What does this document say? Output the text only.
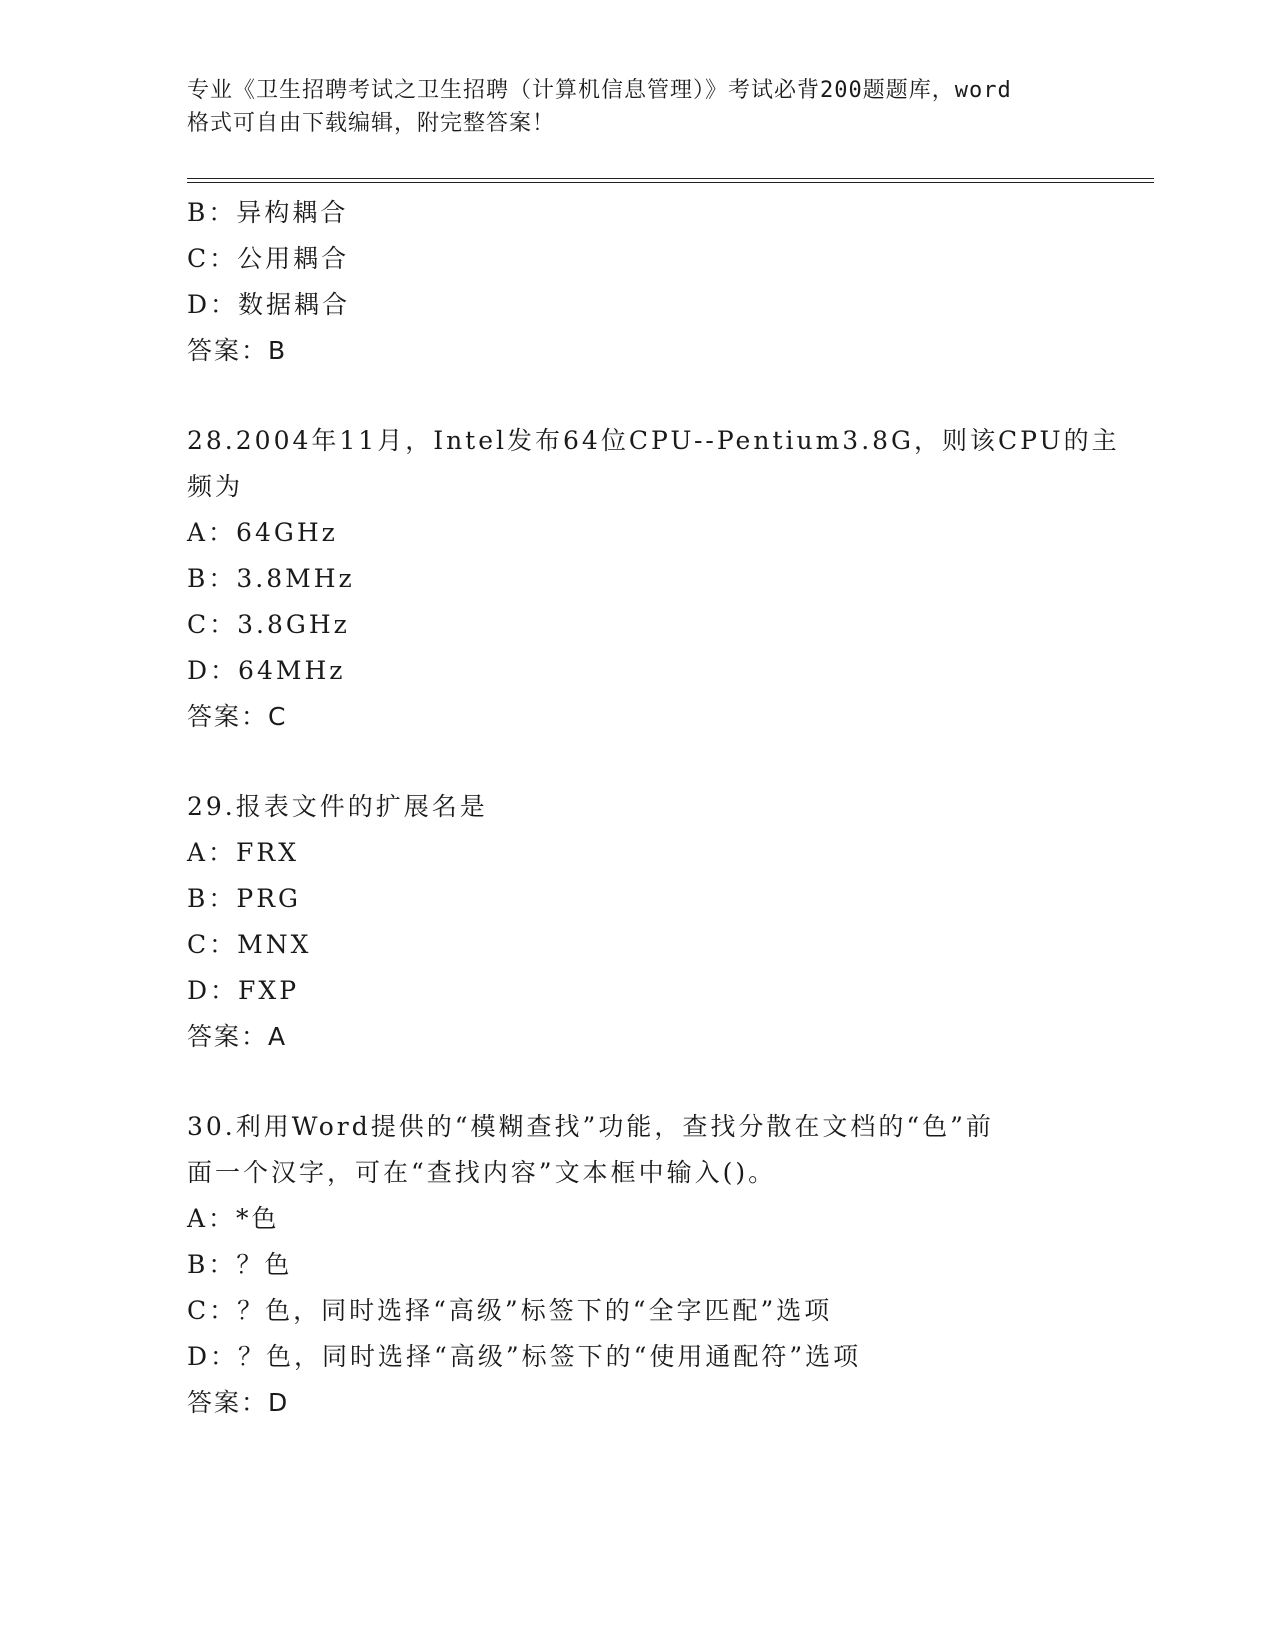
专业《卫生招聘考试之卫生招聘（计算机信息管理）》考试必背200题题库，word
格式可自由下载编辑，附完整答案！
B：异构耦合
C：公用耦合
D：数据耦合
答案：B
28.2004年11月，Intel发布64位CPU--Pentium3.8G，则该CPU的主
频为
A：64GHz
B：3.8MHz
C：3.8GHz
D：64MHz
答案：C
29.报表文件的扩展名是
A：FRX
B：PRG
C：MNX
D：FXP
答案：A
30.利用Word提供的“模糊查找”功能，查找分散在文档的“色”前
面一个汉字，可在“查找内容”文本框中输入()。
A：*色
B：？色
C：？色，同时选择“高级”标签下的“全字匹配”选项
D：？色，同时选择“高级”标签下的“使用通配符”选项
答案：D
